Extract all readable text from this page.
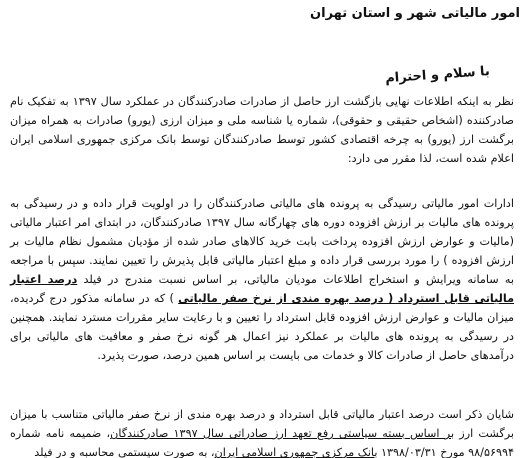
امور مالیاتی شهر و استان تهران
با سلام و احترام

نظر به اینکه اطلاعات نهایی بازگشت ارز حاصل از صادرات صادرکنندگان در عملکرد سال ۱۳۹۷ به تفکیک نام صادرکننده (اشخاص حقیقی و حقوقی)، شماره یا شناسه ملی و میزان ارزی (یورو) صادرات به همراه میزان برگشت ارز (یورو) به چرخه اقتصادی کشور توسط صادرکنندگان توسط بانک مرکزی جمهوری اسلامی ایران اعلام شده است، لذا مقرر می دارد:

ادارات امور مالیاتی رسیدگی به پرونده های مالیاتی صادرکنندگان را در اولویت قرار داده و در رسیدگی به پرونده های مالیات بر ارزش افزوده دوره های چهارگانه سال ۱۳۹۷ صادرکنندگان، در ابتدای امر اعتبار مالیاتی (مالیات و عوارض ارزش افزوده پرداخت بابت خرید کالاهای صادر شده از مؤدیان مشمول نظام مالیات بر ارزش افزوده ) را مورد بررسی قرار داده و مبلغ اعتبار مالیاتی قابل پذیرش را تعیین نمایند. سپس با مراجعه به سامانه ویرایش و استخراج اطلاعات مودیان مالیاتی، بر اساس نسبت مندرج در فیلد درصد اعتبار مالیاتی قابل استرداد ( درصد بهره مندی از نرخ صفر مالیاتی ) که در سامانه مذکور درج گردیده، میزان مالیات و عوارض ارزش افزوده قابل استرداد را تعیین و با رعایت سایر مقررات مسترد نمایند. همچنین در رسیدگی به پرونده های مالیات بر عملکرد نیز اعمال هر گونه نرخ صفر و معافیت های مالیاتی برای درآمدهای حاصل از صادرات کالا و خدمات می بایست بر اساس همین درصد، صورت پذیرد.

شایان ذکر است درصد اعتبار مالیاتی قابل استرداد و درصد بهره مندی از نرخ صفر مالیاتی متناسب با میزان برگشت ارز بر اساس بسته سیاستی رفع تعهد ارز صادراتی سال ۱۳۹۷ صادرکنندگان، ضمیمه نامه شماره ۹۸/۵۶۹۹۴ مورخ ۱۳۹۸/۰۳/۳۱ بانک مرکزی جمهوری اسلامی ایران، به صورت سیستمی محاسبه و در فیلد
